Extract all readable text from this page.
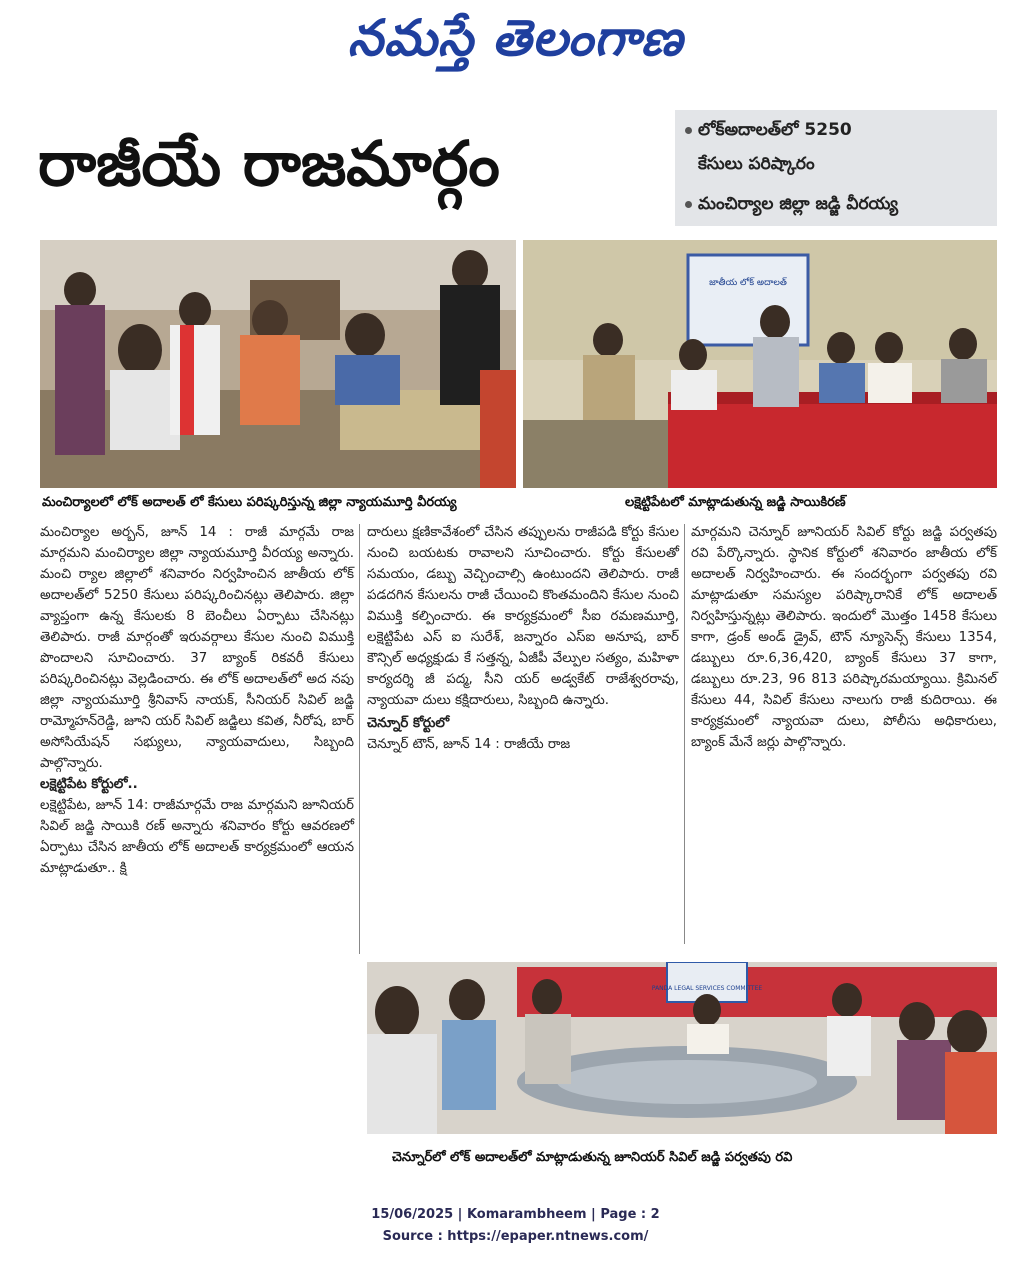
నమస్తే తెలంగాణ
రాజీయే రాజమార్గం	లోక్‌అదాలత్‌లో 5250
కేసులు పరిష్కారం
మంచిర్యాల జిల్లా జడ్జి వీరయ్య
జాతీయ లోక్ అదాలత్
మంచిర్యాలలో లోక్ అదాలత్ లో కేసులు పరిష్కరిస్తున్న జిల్లా న్యాయమూర్తి వీరయ్య	లక్షెట్టిపేటలో మాట్లాడుతున్న జడ్జి సాయికిరణ్

మంచిర్యాల అర్బన్, జూన్ 14 : రాజీ మార్గమే రాజ మార్గమని మంచిర్యాల జిల్లా న్యాయమూర్తి వీరయ్య అన్నారు. మంచి ర్యాల జిల్లాలో శనివారం నిర్వహించిన జాతీయ లోక్ అదాలత్‌లో 5250 కేసులు పరిష్కరించినట్లు తెలిపారు. జిల్లా వ్యాప్తంగా ఉన్న కేసులకు 8 బెంచీలు ఏర్పాటు చేసినట్లు తెలిపారు. రాజీ మార్గంతో ఇరువర్గాలు కేసుల నుంచి విముక్తి పొందాలని సూచించారు. 37 బ్యాంక్ రికవరీ కేసులు పరిష్కరించినట్లు వెల్లడించారు. ఈ లోక్ అదాలత్‌లో అద నపు జిల్లా న్యాయమూర్తి శ్రీనివాస్ నాయక్, సీనియర్ సివిల్ జడ్జి రామ్మోహన్‌రెడ్డి, జూని యర్ సివిల్ జడ్జిలు కవిత, నీరోష, బార్ అసోసియేషన్ సభ్యులు, న్యాయవాదులు, సిబ్బంది పాల్గొన్నారు.

లక్షెట్టిపేట కోర్టులో..

లక్షెట్టిపేట, జూన్ 14: రాజీమార్గమే రాజ మార్గమని జూనియర్ సివిల్ జడ్జి సాయికి రణ్ అన్నారు శనివారం కోర్టు ఆవరణలో ఏర్పాటు చేసిన జాతీయ లోక్ అదాలత్ కార్యక్రమంలో ఆయన మాట్లాడుతూ.. క్షి

దారులు క్షణికావేశంలో చేసిన తప్పులను రాజీపడి కోర్టు కేసుల నుంచి బయటకు రావాలని సూచించారు. కోర్టు కేసులతో సమయం, డబ్బు వెచ్చించాల్సి ఉంటుందని తెలిపారు. రాజీ పడదగిన కేసులను రాజీ చేయించి కొంతమందిని కేసుల నుంచి విముక్తి కల్పించారు. ఈ కార్యక్రమంలో సీఐ రమణమూర్తి, లక్షెట్టిపేట ఎస్ ఐ సురేశ్, జన్నారం ఎస్ఐ అనూష, బార్ కౌన్సిల్ అధ్యక్షుడు కే సత్తన్న, ఏజీపీ వేల్పుల సత్యం, మహిళా కార్యదర్శి జీ పద్మ, సీని యర్ అడ్వకేట్ రాజేశ్వరరావు, న్యాయవా దులు కక్షిదారులు, సిబ్బంది ఉన్నారు.

చెన్నూర్ కోర్టులో

చెన్నూర్ టౌన్, జూన్ 14 : రాజీయే రాజ

మార్గమని చెన్నూర్ జూనియర్ సివిల్ కోర్టు జడ్జి పర్వతపు రవి పేర్కొన్నారు. స్థానిక కోర్టులో శనివారం జాతీయ లోక్ అదాలత్ నిర్వహించారు. ఈ సందర్భంగా పర్వతపు రవి మాట్లాడుతూ సమస్యల పరిష్కారానికే లోక్ అదాలత్ నిర్వహిస్తున్నట్లు తెలిపారు. ఇందులో మొత్తం 1458 కేసులు కాగా, డ్రంక్ అండ్ డ్రైవ్, టౌన్ న్యూసెన్స్ కేసులు 1354, డబ్బులు రూ.6,36,420, బ్యాంక్ కేసులు 37 కాగా, డబ్బులు రూ.23, 96 813 పరిష్కారమయ్యాయి. క్రిమినల్ కేసులు 44, సివిల్ కేసులు నాలుగు రాజీ కుదిరాయి. ఈ కార్యక్రమంలో న్యాయవా దులు, పోలీసు అధికారులు, బ్యాంక్ మేనే జర్లు పాల్గొన్నారు.

PANDA LEGAL SERVICES COMMITTEE
చెన్నూర్‌లో లోక్ అదాలత్‌లో మాట్లాడుతున్న జూనియర్ సివిల్ జడ్జి పర్వతపు రవి
15/06/2025 | Komarambheem | Page : 2
Source : https://epaper.ntnews.com/
